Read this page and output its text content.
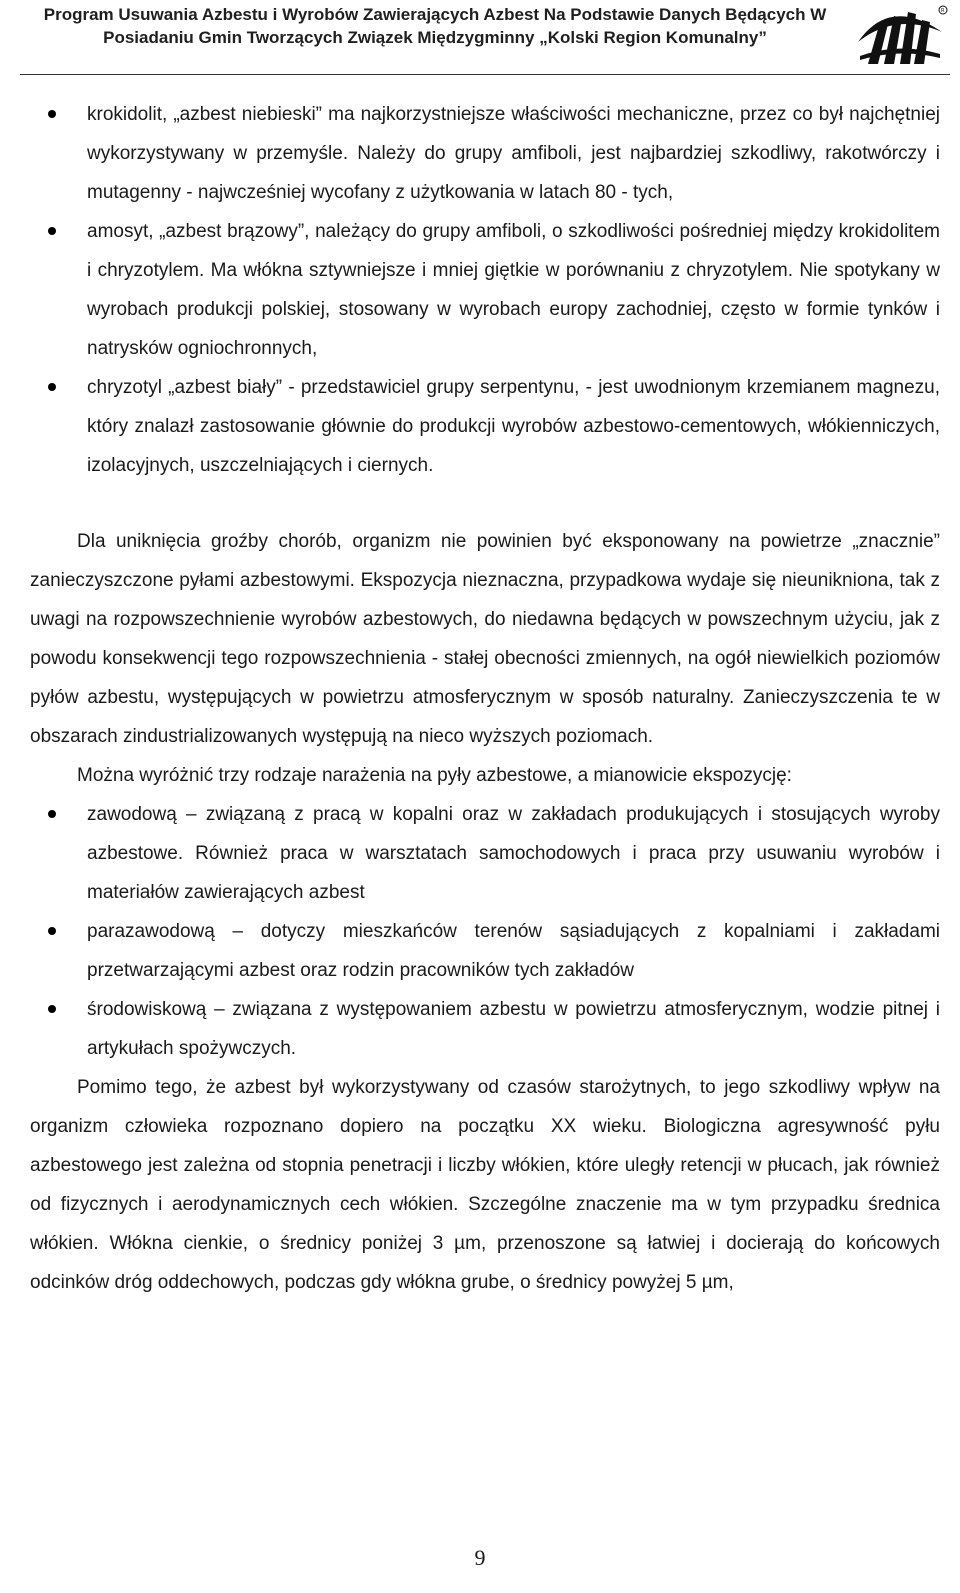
Program Usuwania Azbestu i Wyrobów Zawierających Azbest Na Podstawie Danych Będących W Posiadaniu Gmin Tworzących Związek Międzygminny „Kolski Region Komunalny”
R
krokidolit, „azbest niebieski” ma najkorzystniejsze właściwości mechaniczne, przez co był najchętniej wykorzystywany w przemyśle. Należy do grupy amfiboli, jest najbardziej szkodliwy, rakotwórczy i mutagenny - najwcześniej wycofany z użytkowania w latach 80 - tych,
amosyt, „azbest brązowy”, należący do grupy amfiboli, o szkodliwości pośredniej między krokidolitem i chryzotylem. Ma włókna sztywniejsze i mniej giętkie w porównaniu z chryzotylem. Nie spotykany w wyrobach produkcji polskiej, stosowany w wyrobach europy zachodniej, często w formie tynków i natrysków ogniochronnych,
chryzotyl „azbest biały” - przedstawiciel grupy serpentynu, - jest uwodnionym krzemianem magnezu, który znalazł zastosowanie głównie do produkcji wyrobów azbestowo-cementowych, włókienniczych, izolacyjnych, uszczelniających i ciernych.

Dla uniknięcia groźby chorób, organizm nie powinien być eksponowany na powietrze „znacznie” zanieczyszczone pyłami azbestowymi. Ekspozycja nieznaczna, przypadkowa wydaje się nieunikniona, tak z uwagi na rozpowszechnienie wyrobów azbestowych, do niedawna będących w powszechnym użyciu, jak z powodu konsekwencji tego rozpowszechnienia - stałej obecności zmiennych, na ogół niewielkich poziomów pyłów azbestu, występujących w powietrzu atmosferycznym w sposób naturalny. Zanieczyszczenia te w obszarach zindustrializowanych występują na nieco wyższych poziomach.

Można wyróżnić trzy rodzaje narażenia na pyły azbestowe, a mianowicie ekspozycję:

zawodową – związaną z pracą w kopalni oraz w zakładach produkujących i stosujących wyroby azbestowe. Również praca w warsztatach samochodowych i praca przy usuwaniu wyrobów i materiałów zawierających azbest
parazawodową – dotyczy mieszkańców terenów sąsiadujących z kopalniami i zakładami przetwarzającymi azbest oraz rodzin pracowników tych zakładów
środowiskową – związana z występowaniem azbestu w powietrzu atmosferycznym, wodzie pitnej i artykułach spożywczych.

Pomimo tego, że azbest był wykorzystywany od czasów starożytnych, to jego szkodliwy wpływ na organizm człowieka rozpoznano dopiero na początku XX wieku. Biologiczna agresywność pyłu azbestowego jest zależna od stopnia penetracji i liczby włókien, które uległy retencji w płucach, jak również od fizycznych i aerodynamicznych cech włókien. Szczególne znaczenie ma w tym przypadku średnica włókien. Włókna cienkie, o średnicy poniżej 3 µm, przenoszone są łatwiej i docierają do końcowych odcinków dróg oddechowych, podczas gdy włókna grube, o średnicy powyżej 5 µm,

9
